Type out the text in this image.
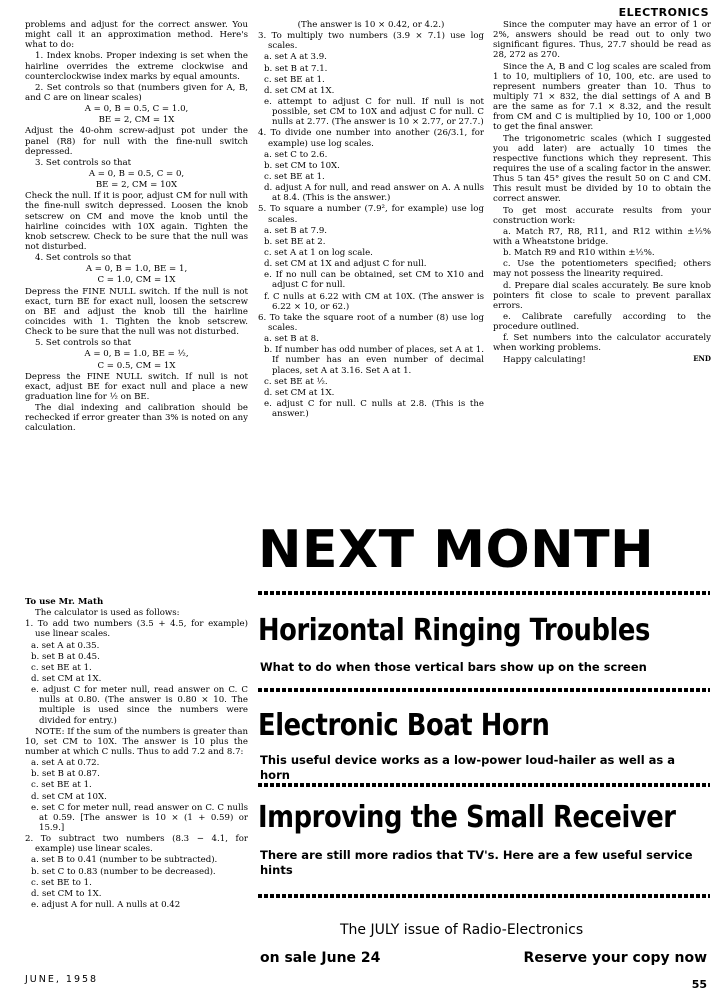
ELECTRONICS

problems and adjust for the correct answer. You might call it an approximation method. Here's what to do:

1. Index knobs. Proper indexing is set when the hairline overrides the extreme clockwise and counterclockwise index marks by equal amounts.

2. Set controls so that (numbers given for A, B, and C are on linear scales)

A = 0, B = 0.5, C = 1.0,

BE = 2, CM = 1X

Adjust the 40-ohm screw-adjust pot under the panel (R8) for null with the fine-null switch depressed.

3. Set controls so that

A = 0, B = 0.5, C = 0,

BE = 2, CM = 10X

Check the null. If it is poor, adjust CM for null with the fine-null switch depressed. Loosen the knob setscrew on CM and move the knob until the hairline coincides with 10X again. Tighten the knob setscrew. Check to be sure that the null was not disturbed.

4. Set controls so that

A = 0, B = 1.0, BE = 1,

C = 1.0, CM = 1X

Depress the FINE NULL switch. If the null is not exact, turn BE for exact null, loosen the setscrew on BE and adjust the knob till the hairline coincides with 1. Tighten the knob setscrew. Check to be sure that the null was not disturbed.

5. Set controls so that

A = 0, B = 1.0, BE = ½,

C = 0.5, CM = 1X

Depress the FINE NULL switch. If null is not exact, adjust BE for exact null and place a new graduation line for ½ on BE.

The dial indexing and calibration should be rechecked if error greater than 3% is noted on any calculation.

To use Mr. Math

The calculator is used as follows:

1. To add two numbers (3.5 + 4.5, for example) use linear scales.

a. set A at 0.35.

b. set B at 0.45.

c. set BE at 1.

d. set CM at 1X.

e. adjust C for meter null, read answer on C. C nulls at 0.80. (The answer is 0.80 × 10. The multiple is used since the numbers were divided for entry.)

NOTE: If the sum of the numbers is greater than 10, set CM to 10X. The answer is 10 plus the number at which C nulls. Thus to add 7.2 and 8.7:

a. set A at 0.72.

b. set B at 0.87.

c. set BE at 1.

d. set CM at 10X.

e. set C for meter null, read answer on C. C nulls at 0.59. [The answer is 10 × (1 + 0.59) or 15.9.]

2. To subtract two numbers (8.3 − 4.1, for example) use linear scales.

a. set B to 0.41 (number to be subtracted).

b. set C to 0.83 (number to be decreased).

c. set BE to 1.

d. set CM to 1X.

e. adjust A for null. A nulls at 0.42

(The answer is 10 × 0.42, or 4.2.)

3. To multiply two numbers (3.9 × 7.1) use log scales.

a. set A at 3.9.

b. set B at 7.1.

c. set BE at 1.

d. set CM at 1X.

e. attempt to adjust C for null. If null is not possible, set CM to 10X and adjust C for null. C nulls at 2.77. (The answer is 10 × 2.77, or 27.7.)

4. To divide one number into another (26/3.1, for example) use log scales.

a. set C to 2.6.

b. set CM to 10X.

c. set BE at 1.

d. adjust A for null, and read answer on A. A nulls at 8.4. (This is the answer.)

5. To square a number (7.9², for example) use log scales.

a. set B at 7.9.

b. set BE at 2.

c. set A at 1 on log scale.

d. set CM at 1X and adjust C for null.

e. If no null can be obtained, set CM to X10 and adjust C for null.

f. C nulls at 6.22 with CM at 10X. (The answer is 6.22 × 10, or 62.)

6. To take the square root of a number (8) use log scales.

a. set B at 8.

b. If number has odd number of places, set A at 1. If number has an even number of decimal places, set A at 3.16. Set A at 1.

c. set BE at ½.

d. set CM at 1X.

e. adjust C for null. C nulls at 2.8. (This is the answer.)

Since the computer may have an error of 1 or 2%, answers should be read out to only two significant figures. Thus, 27.7 should be read as 28, 272 as 270.

Since the A, B and C log scales are scaled from 1 to 10, multipliers of 10, 100, etc. are used to represent numbers greater than 10. Thus to multiply 71 × 832, the dial settings of A and B are the same as for 7.1 × 8.32, and the result from CM and C is multiplied by 10, 100 or 1,000 to get the final answer.

The trigonometric scales (which I suggested you add later) are actually 10 times the respective functions which they represent. This requires the use of a scaling factor in the answer. Thus 5 tan 45° gives the result 50 on C and CM. This result must be divided by 10 to obtain the correct answer.

To get most accurate results from your construction work:

a. Match R7, R8, R11, and R12 within ±½% with a Wheatstone bridge.

b. Match R9 and R10 within ±½%.

c. Use the potentiometers specified; others may not possess the linearity required.

d. Prepare dial scales accurately. Be sure knob pointers fit close to scale to prevent parallax errors.

e. Calibrate carefully according to the procedure outlined.

f. Set numbers into the calculator accurately when working problems.

Happy calculating!	END

NEXT MONTH
Horizontal Ringing Troubles
What to do when those vertical bars show up on the screen
Electronic Boat Horn
This useful device works as a low-power loud-hailer as well as a horn
Improving the Small Receiver
There are still more radios that TV's. Here are a few useful service hints
The JULY issue of Radio-Electronics
on sale June 24	Reserve your copy now
JUNE, 1958	55
